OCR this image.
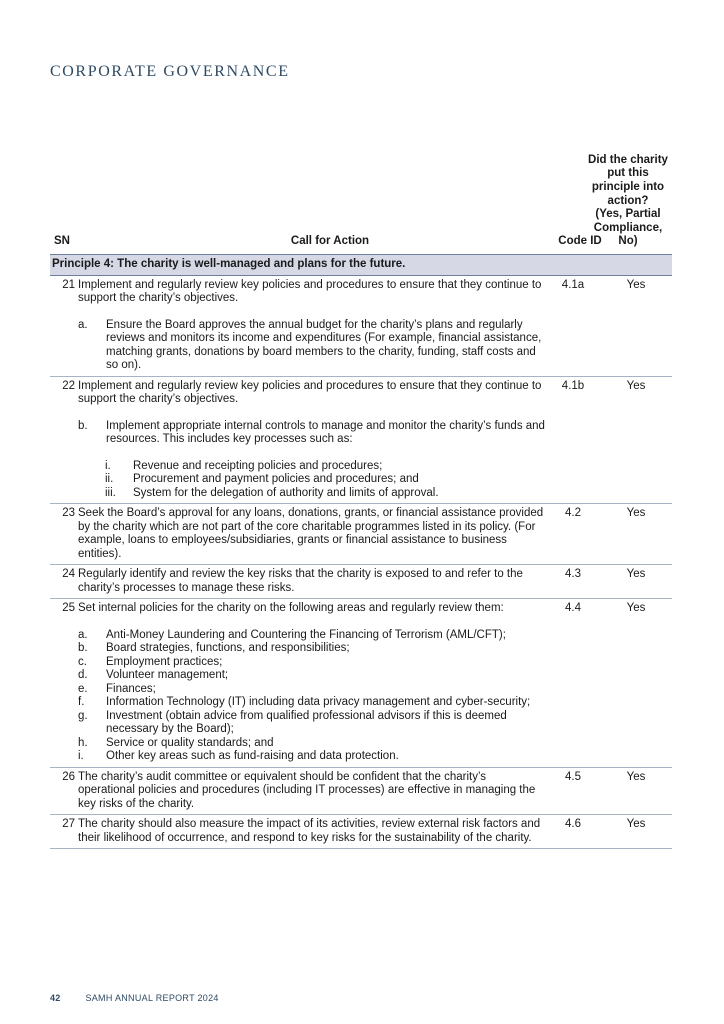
CORPORATE GOVERNANCE
SN	Call for Action	Code ID
Did the charity
put this
principle into
action?
(Yes, Partial
Compliance,
No)
Principle 4: The charity is well-managed and plans for the future.
21 Implement and regularly review key policies and procedures to ensure that they continue to support the charity’s objectives.
a.	Ensure the Board approves the annual budget for the charity’s plans and regularly reviews and monitors its income and expenditures (For example, financial assistance, matching grants, donations by board members to the charity, funding, staff costs and so on).
4.1a	Yes
22 Implement and regularly review key policies and procedures to ensure that they continue to support the charity’s objectives.
b.	Implement appropriate internal controls to manage and monitor the charity’s funds and resources. This includes key processes such as:
i.	Revenue and receipting policies and procedures;
ii.	Procurement and payment policies and procedures; and
iii.	System for the delegation of authority and limits of approval.
4.1b	Yes
23 Seek the Board’s approval for any loans, donations, grants, or financial assistance provided by the charity which are not part of the core charitable programmes listed in its policy. (For example, loans to employees/subsidiaries, grants or financial assistance to business entities).
4.2	Yes
24 Regularly identify and review the key risks that the charity is exposed to and refer to the charity’s processes to manage these risks.
4.3	Yes
25 Set internal policies for the charity on the following areas and regularly review them:
a.	Anti-Money Laundering and Countering the Financing of Terrorism (AML/CFT);
b.	Board strategies, functions, and responsibilities;
c.	Employment practices;
d.	Volunteer management;
e.	Finances;
f.	Information Technology (IT) including data privacy management and cyber-security;
g.	Investment (obtain advice from qualified professional advisors if this is deemed necessary by the Board);
h.	Service or quality standards; and
i.	Other key areas such as fund-raising and data protection.
4.4	Yes
26 The charity’s audit committee or equivalent should be confident that the charity’s operational policies and procedures (including IT processes) are effective in managing the key risks of the charity.
4.5	Yes
27 The charity should also measure the impact of its activities, review external risk factors and their likelihood of occurrence, and respond to key risks for the sustainability of the charity.
4.6	Yes
42	SAMH ANNUAL REPORT 2024
